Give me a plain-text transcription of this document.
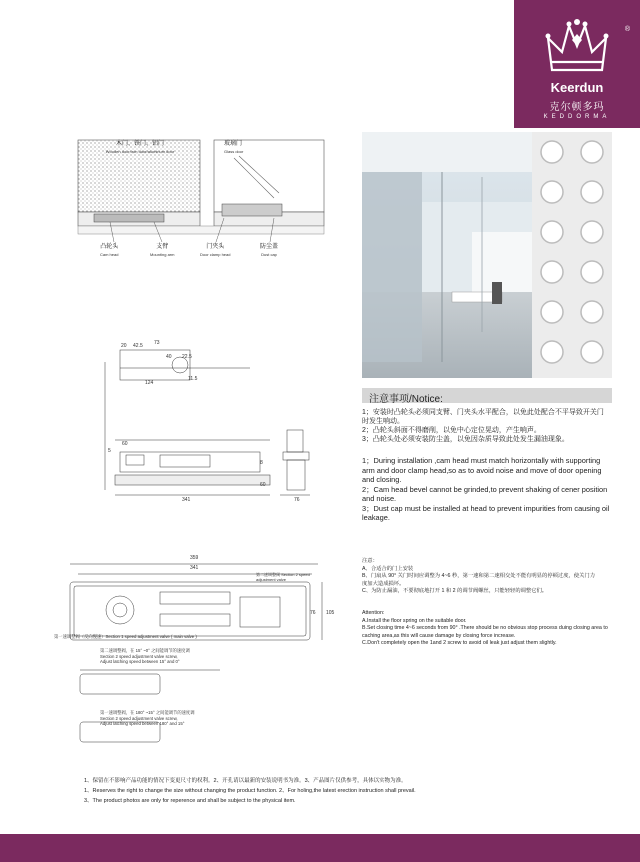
®
Keerdun
克尔顿多玛
KEDDORMA
木门、铁门、铝门
Wooden door/iron door/aluminum door
玻璃门
Glass door
凸轮头
Cam head
支臂
Mounting arm
门夹头
Door clamp head
防尘盖
Dust cap
20 42.5 73
40 22.5
124
11.5
5
60
8
60
341	76
注意事项/Notice:
1；安装时凸轮头必须同支臂、门夹头水平配合，以免此处配合不平导致开关门时发生响动。
2；凸轮头斜面不得磨削，以免中心定位晃动，产生响声。
3；凸轮头处必须安装防尘盖，以免因杂质导致此处发生漏油现象。
1；During installation ,cam head must match horizontally with supporting arm and door clamp head,so as to avoid noise and move of door opening and closing.
2；Cam head bevel cannot be grinded,to prevent shaking of cener position and noise.
3；Dust cap must be installed at head to prevent impurities from causing oil leakage.
359
341
105
76
第二速调整阀 Section 2 speed adjustment valve
第一速调整阀（反向慢速）Section 1 speed adjustment valve ( main valve )
第二速调整阀，在 15° ~0° 之间能调节的速度调
Section 2 speed adjustment valve screw,
Adjust latching speed between 15° and 0°
第一速调整阀，在 180° ~15° 之间能调节的速度调
Section 2 speed adjustment valve screw,
Adjust latching speed between 180° and 15°
注意：
A、合适合的门上安装
B、门扇从 90° 关门时间应调整为 4~6 秒，第一速和第二速相交处不能有明显的停顿过度，使关门力
度加大造成损坏。
C、为防止漏油，不要彻底地打开 1 和 2 的调节阀螺丝，只能轻轻的调整它们。
Attention:
A.Install the floor spring on the suitable door.
B.Set closing time 4~6 seconds from 90° .There should be no obvious stop process duing closing area to caching area,as this will cause damage by closing force increase.
C.Don't completely open the 1and 2 screw to avoid oil leak just adjust them slightly.
1、保留在不影响产品功能的情况下变更尺寸的权利。2、开孔请以最新的安装说明书为准。3、产品图片仅供参考，具体以实物为准。
1、Reserves the right to change the size without changing the product function. 2、For holing,the latest erection instruction shall prevail.
3、The product photos are only for reperence and shall be subject to the physical item.
